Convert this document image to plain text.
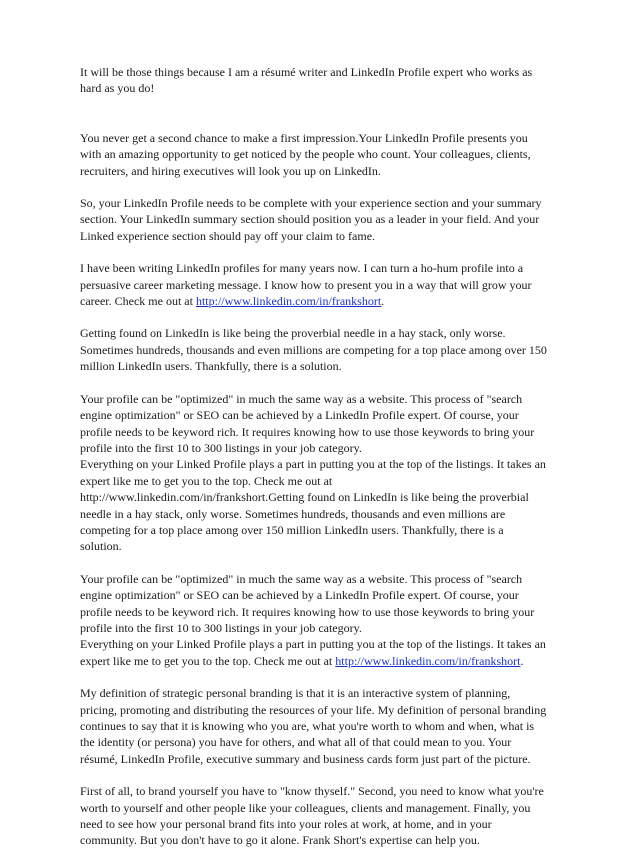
It will be those things because I am a résumé writer and LinkedIn Profile expert who works as
hard as you do!

You never get a second chance to make a first impression.Your LinkedIn Profile presents you
with an amazing opportunity to get noticed by the people who count. Your colleagues, clients,
recruiters, and hiring executives will look you up on LinkedIn.

So, your LinkedIn Profile needs to be complete with your experience section and your summary
section. Your LinkedIn summary section should position you as a leader in your field. And your
Linked experience section should pay off your claim to fame.

I have been writing LinkedIn profiles for many years now. I can turn a ho-hum profile into a
persuasive career marketing message. I know how to present you in a way that will grow your
career. Check me out at http://www.linkedin.com/in/frankshort.

Getting found on LinkedIn is like being the proverbial needle in a hay stack, only worse.
Sometimes hundreds, thousands and even millions are competing for a top place among over 150
million LinkedIn users. Thankfully, there is a solution.

Your profile can be "optimized" in much the same way as a website. This process of "search
engine optimization" or SEO can be achieved by a LinkedIn Profile expert. Of course, your
profile needs to be keyword rich. It requires knowing how to use those keywords to bring your
profile into the first 10 to 300 listings in your job category.
Everything on your Linked Profile plays a part in putting you at the top of the listings. It takes an
expert like me to get you to the top. Check me out at
http://www.linkedin.com/in/frankshort.Getting found on LinkedIn is like being the proverbial
needle in a hay stack, only worse. Sometimes hundreds, thousands and even millions are
competing for a top place among over 150 million LinkedIn users. Thankfully, there is a
solution.

Your profile can be "optimized" in much the same way as a website. This process of "search
engine optimization" or SEO can be achieved by a LinkedIn Profile expert. Of course, your
profile needs to be keyword rich. It requires knowing how to use those keywords to bring your
profile into the first 10 to 300 listings in your job category.
Everything on your Linked Profile plays a part in putting you at the top of the listings. It takes an
expert like me to get you to the top. Check me out at http://www.linkedin.com/in/frankshort.

My definition of strategic personal branding is that it is an interactive system of planning,
pricing, promoting and distributing the resources of your life. My definition of personal branding
continues to say that it is knowing who you are, what you're worth to whom and when, what is
the identity (or persona) you have for others, and what all of that could mean to you. Your
résumé, LinkedIn Profile, executive summary and business cards form just part of the picture.

First of all, to brand yourself you have to "know thyself." Second, you need to know what you're
worth to yourself and other people like your colleagues, clients and management. Finally, you
need to see how your personal brand fits into your roles at work, at home, and in your
community. But you don't have to go it alone. Frank Short's expertise can help you.
